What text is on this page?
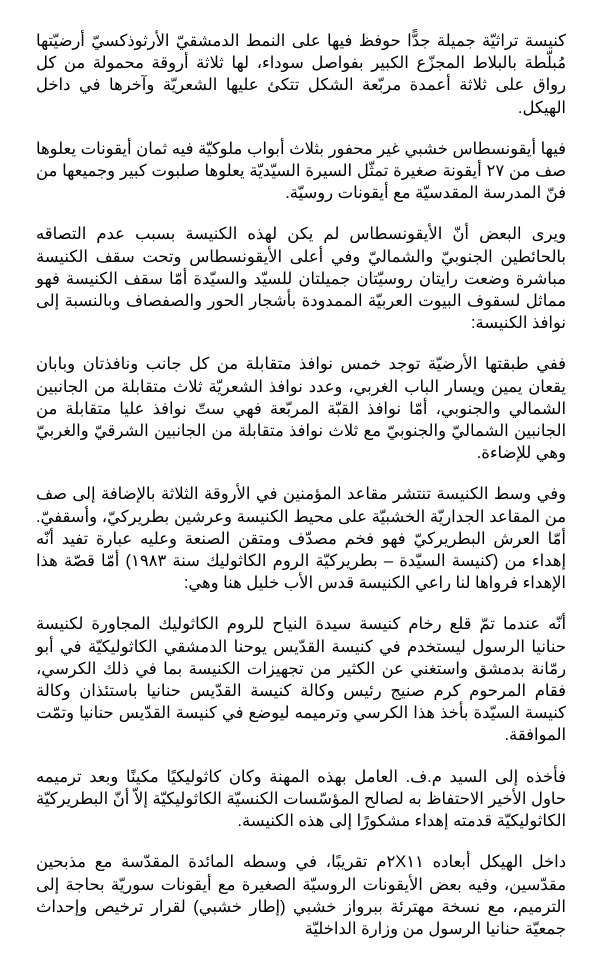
كنيسة تراثيّة جميلة جدًّا حوفظ فيها على النمط الدمشقيّ الأرثوذكسيّ أرضيّتها مُبلّطة بالبلاط المجزّع الكبير بفواصل سوداء، لها ثلاثة أروقة محمولة من كل رواق على ثلاثة أعمدة مربّعة الشكل تتكئ عليها الشعريّة وآخرها في داخل الهيكل.

فيها أيقونسطاس خشبي غير محفور بثلاث أبواب ملوكيّة فيه ثمان أيقونات يعلوها صف من ٢٧ أيقونة صغيرة تمثّل السيرة السيّديّة يعلوها صلبوت كبير وجميعها من فنّ المدرسة المقدسيّة مع أيقونات روسيّة.

ويرى البعض أنّ الأيقونسطاس لم يكن لهذه الكنيسة بسبب عدم التصاقه بالحائطين الجنوبيّ والشماليّ وفي أعلى الأيقونسطاس وتحت سقف الكنيسة مباشرة وضعت رايتان روسيّتان جميلتان للسيّد والسيّدة أمّا سقف الكنيسة فهو مماثل لسقوف البيوت العربيّة الممدودة بأشجار الحور والصفصاف وبالنسبة إلى نوافذ الكنيسة:

ففي طبقتها الأرضيّة توجد خمس نوافذ متقابلة من كل جانب ونافذتان وبابان يقعان يمين ويسار الباب الغربي، وعدد نوافذ الشعريّة ثلاث متقابلة من الجانبين الشمالي والجنوبي، أمّا نوافذ القبّة المربّعة فهي ستّ نوافذ عليا متقابلة من الجانبين الشماليّ والجنوبيّ مع ثلاث نوافذ متقابلة من الجانبين الشرقيّ والغربيّ وهي للإضاءة.

وفي وسط الكنيسة تنتشر مقاعد المؤمنين في الأروقة الثلاثة بالإضافة إلى صف من المقاعد الجداريّة الخشبيّة على محيط الكنيسة وعرشين بطريركيّ، وأسقفيّ. أمّا العرش البطريركيّ فهو فخم مصدّف ومتقن الصنعة وعليه عبارة تفيد أنّه إهداء من (كنيسة السيّدة – بطريركيّة الروم الكاثوليك سنة ١٩٨٣) أمّا قصّة هذا الإهداء فرواها لنا راعي الكنيسة قدس الأب خليل هنا وهي:

أنّه عندما تمّ قلع رخام كنيسة سيدة النياح للروم الكاثوليك المجاورة لكنيسة حنانيا الرسول ليستخدم في كنيسة القدّيس يوحنا الدمشقي الكاثوليكيّة في أبو رمّانة بدمشق واستغني عن الكثير من تجهيزات الكنيسة بما في ذلك الكرسي، فقام المرحوم كرم صنيج رئيس وكالة كنيسة القدّيس حنانيا باستئذان وكالة كنيسة السيّدة بأخذ هذا الكرسي وترميمه ليوضع في كنيسة القدّيس حنانيا وتمّت الموافقة.

فأخذه إلى السيد م.ف. العامل بهذه المهنة وكان كاثوليكيًا مكينًا وبعد ترميمه حاول الأخير الاحتفاظ به لصالح المؤسّسات الكنسيّة الكاثوليكيّة إلاّ أنّ البطريركيّة الكاثوليكيّة قدمته إهداء مشكورًا إلى هذه الكنيسة.

داخل الهيكل أبعاده ٢X١١م تقريبًا، في وسطه المائدة المقدّسة مع مذبحين مقدّسين، وفيه بعض الأيقونات الروسيّة الصغيرة مع أيقونات سوريّة بحاجة إلى الترميم، مع نسخة مهترئة ببرواز خشبي (إطار خشبي) لقرار ترخيص وإحداث جمعيّة حنانيا الرسول من وزارة الداخليّة
